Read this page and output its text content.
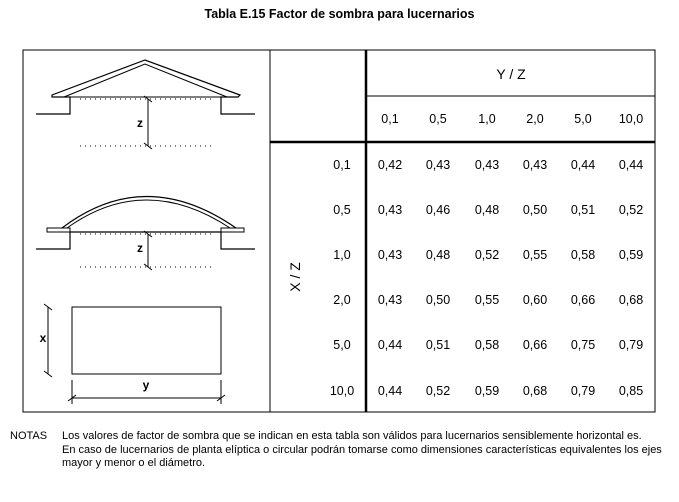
Tabla E.15 Factor de sombra para lucernarios
Y / Z
X / Z
0,1 0,5	1,0 2,0 5,0 10,0
0,1
0,5
1,0
2,0
5,0
10,0
0,42 0,43 0,43 0,43 0,44 0,44
0,43 0,46 0,48 0,50 0,51 0,52
0,43 0,48 0,52 0,55 0,58 0,59
0,43 0,50 0,55 0,60 0,66 0,68
0,44 0,51 0,58 0,66 0,75 0,79
0,44 0,52 0,59 0,68 0,79 0,85
z
z
x
y
NOTAS Los valores de factor de sombra que se indican en esta tabla son válidos para lucernarios sensiblemente horizontal es.
En caso de lucernarios de planta elíptica o circular podrán tomarse como dimensiones características equivalentes los ejes mayor y menor o el diámetro.
